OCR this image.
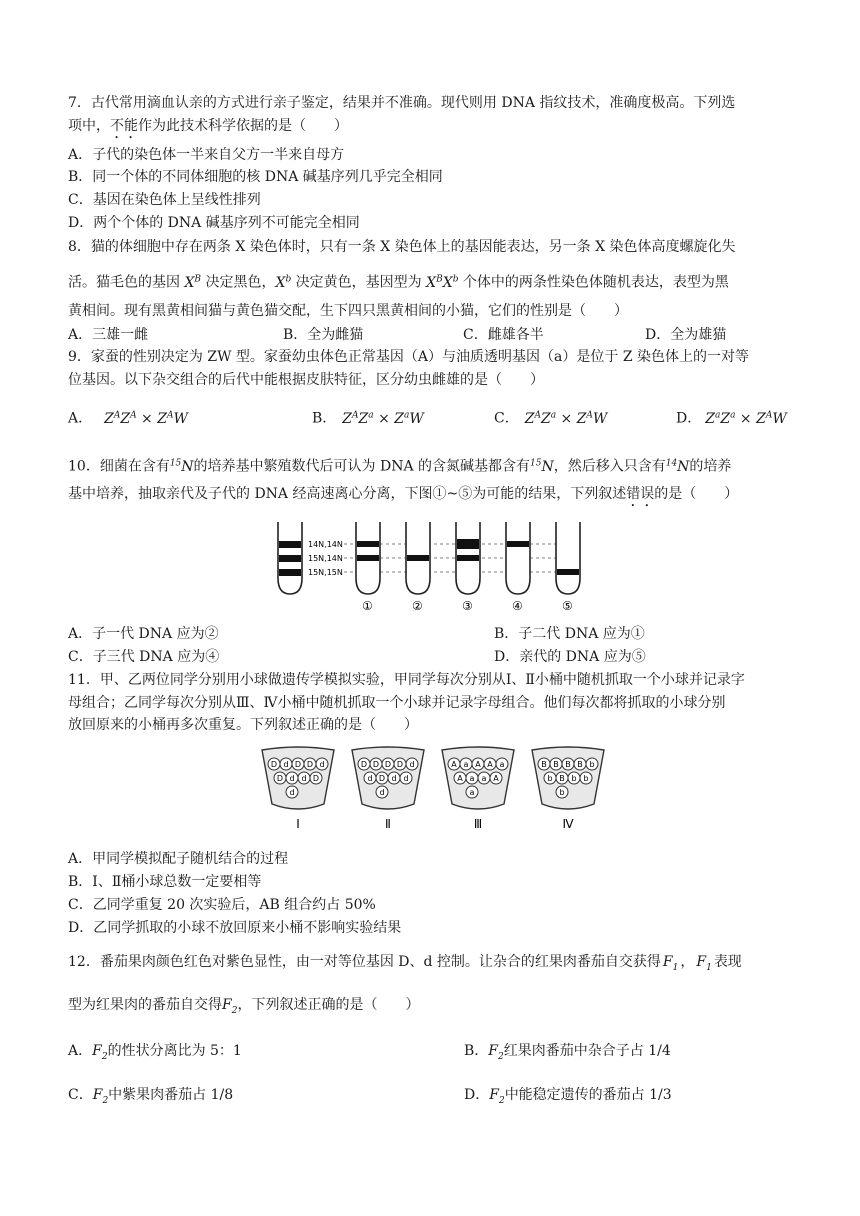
7．古代常用滴血认亲的方式进行亲子鉴定，结果并不准确。现代则用 DNA 指纹技术，准确度极高。下列选
项中，不能作为此技术科学依据的是（　　）
A．子代的染色体一半来自父方一半来自母方
B．同一个体的不同体细胞的核 DNA 碱基序列几乎完全相同
C．基因在染色体上呈线性排列
D．两个个体的 DNA 碱基序列不可能完全相同
8．猫的体细胞中存在两条 X 染色体时，只有一条 X 染色体上的基因能表达，另一条 X 染色体高度螺旋化失
活。猫毛色的基因 $X^B$ 决定黑色，$X^b$ 决定黄色，基因型为 $X^BX^b$ 个体中的两条性染色体随机表达，表型为黑
黄相间。现有黑黄相间猫与黄色猫交配，生下四只黑黄相间的小猫，它们的性别是（　　）
A．三雄一雌	B．全为雌猫	C．雌雄各半	D．全为雄猫
9．家蚕的性别决定为 ZW 型。家蚕幼虫体色正常基因（A）与油质透明基因（a）是位于 Z 染色体上的一对等
位基因。以下杂交组合的后代中能根据皮肤特征，区分幼虫雌雄的是（　　）
A． $Z^AZ^A \times Z^AW$	B． $Z^AZ^a \times Z^aW$	C． $Z^AZ^a \times Z^AW$	D． $Z^aZ^a \times Z^AW$
10．细菌在含有$^{15}$N的培养基中繁殖数代后可认为 DNA 的含氮碱基都含有$^{15}$N，然后移入只含有$^{14}$N的培养
基中培养，抽取亲代及子代的 DNA 经高速离心分离，下图①~⑤为可能的结果，下列叙述错误的是（　　）
14N,14N
15N,14N
15N,15N
①	②	③	④	⑤
A．子一代 DNA 应为②	B．子二代 DNA 应为①
C．子三代 DNA 应为④	D．亲代的 DNA 应为⑤
11．甲、乙两位同学分别用小球做遗传学模拟实验，甲同学每次分别从Ⅰ、Ⅱ小桶中随机抓取一个小球并记录字
母组合；乙同学每次分别从Ⅲ、Ⅳ小桶中随机抓取一个小球并记录字母组合。他们每次都将抓取的小球分别
放回原来的小桶再多次重复。下列叙述正确的是（　　）
D d D D d
D d d D
d
D D D D d
d D d d
d
A a A A a
A a a A
a
B B B B b
b B b b
b
Ⅰ	Ⅱ	Ⅲ	Ⅳ
A．甲同学模拟配子随机结合的过程
B．Ⅰ、Ⅱ桶小球总数一定要相等
C．乙同学重复 20 次实验后，AB 组合约占 50%
D．乙同学抓取的小球不放回原来小桶不影响实验结果
12．番茄果肉颜色红色对紫色显性，由一对等位基因 D、d 控制。让杂合的红果肉番茄自交获得 $F_1$ ， $F_1$ 表现
型为红果肉的番茄自交得$F_2$，下列叙述正确的是（　　）
A．$F_2$的性状分离比为 5：1	B．$F_2$红果肉番茄中杂合子占 1/4
C．$F_2$中紫果肉番茄占 1/8	D．$F_2$中能稳定遗传的番茄占 1/3
